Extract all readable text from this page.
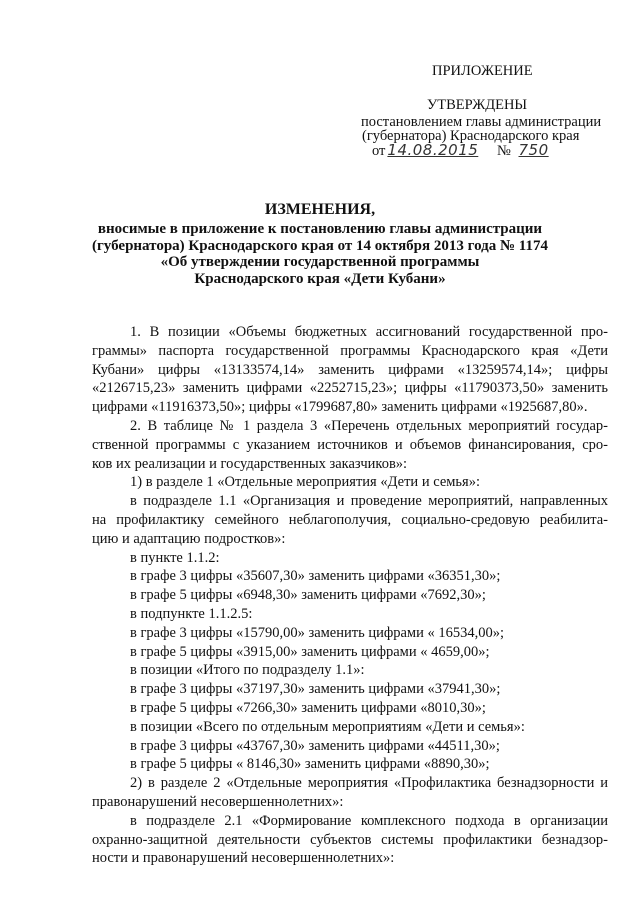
ПРИЛОЖЕНИЕ
УТВЕРЖДЕНЫ
постановлением главы администрации
(губернатора) Краснодарского края
от 14.08.2015 № 750
ИЗМЕНЕНИЯ,
вносимые в приложение к постановлению главы администрации
(губернатора) Краснодарского края от 14 октября 2013 года № 1174
«Об утверждении государственной программы
Краснодарского края «Дети Кубани»
1. В позиции «Объемы бюджетных ассигнований государственной про-
граммы» паспорта государственной программы Краснодарского края «Дети
Кубани» цифры «13133574,14» заменить цифрами «13259574,14»; цифры
«2126715,23» заменить цифрами «2252715,23»; цифры «11790373,50» заменить
цифрами «11916373,50»; цифры «1799687,80» заменить цифрами «1925687,80».
2. В таблице № 1 раздела 3 «Перечень отдельных мероприятий государ-
ственной программы с указанием источников и объемов финансирования, сро-
ков их реализации и государственных заказчиков»:
1) в разделе 1 «Отдельные мероприятия «Дети и семья»:
в подразделе 1.1 «Организация и проведение мероприятий, направленных
на профилактику семейного неблагополучия, социально-средовую реабилита-
цию и адаптацию подростков»:
в пункте 1.1.2:
в графе 3 цифры «35607,30» заменить цифрами «36351,30»;
в графе 5 цифры «6948,30» заменить цифрами «7692,30»;
в подпункте 1.1.2.5:
в графе 3 цифры «15790,00» заменить цифрами « 16534,00»;
в графе 5 цифры «3915,00» заменить цифрами « 4659,00»;
в позиции «Итого по подразделу 1.1»:
в графе 3 цифры «37197,30» заменить цифрами «37941,30»;
в графе 5 цифры «7266,30» заменить цифрами «8010,30»;
в позиции «Всего по отдельным мероприятиям «Дети и семья»:
в графе 3 цифры «43767,30» заменить цифрами «44511,30»;
в графе 5 цифры « 8146,30» заменить цифрами «8890,30»;
2) в разделе 2 «Отдельные мероприятия «Профилактика безнадзорности и
правонарушений несовершеннолетних»:
в подразделе 2.1 «Формирование комплексного подхода в организации
охранно-защитной деятельности субъектов системы профилактики безнадзор-
ности и правонарушений несовершеннолетних»:
